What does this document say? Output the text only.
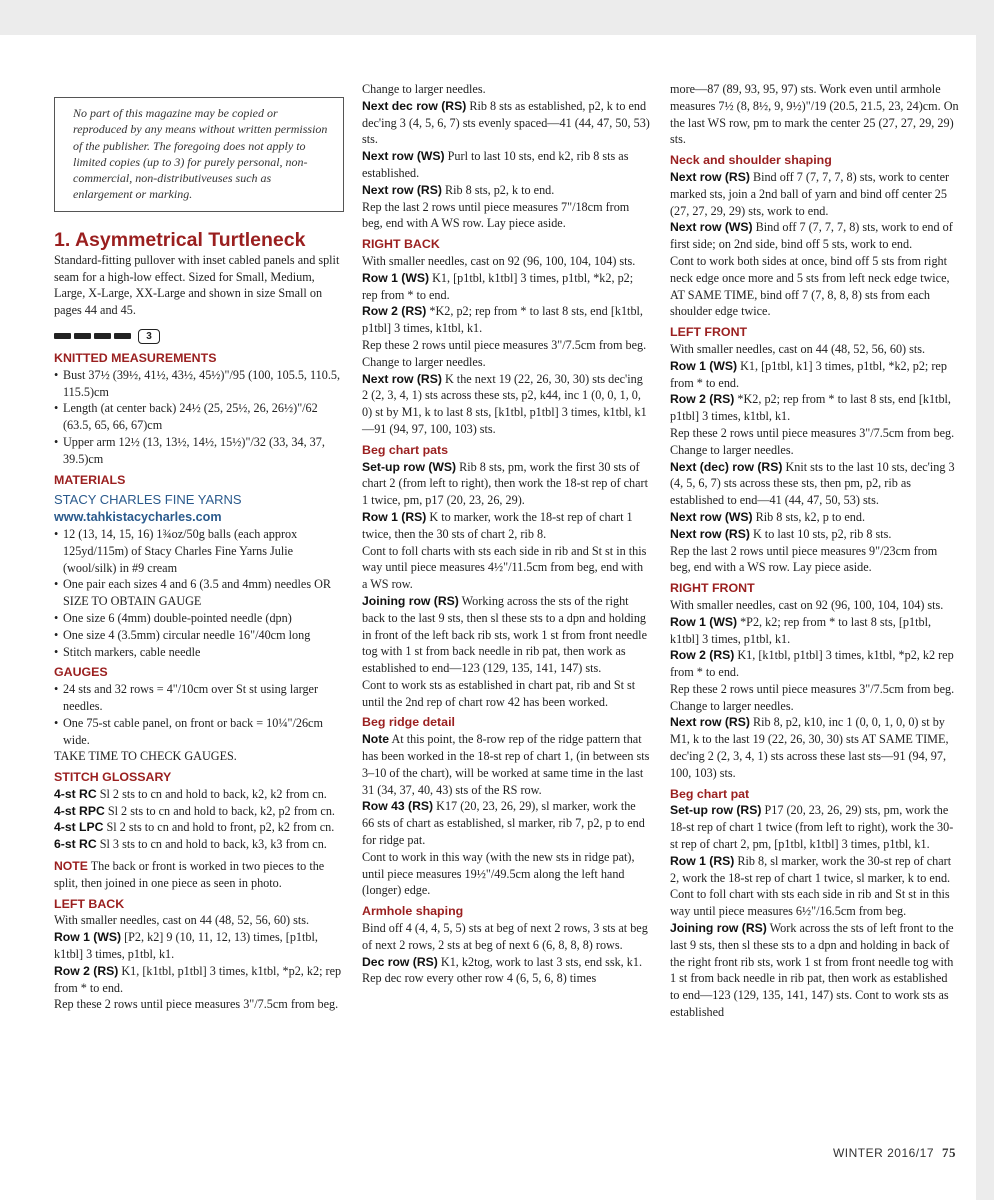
No part of this magazine may be copied or reproduced by any means without written permission of the publisher. The foregoing does not apply to limited copies (up to 3) for purely personal, non-commercial, non-distributiveuses such as enlargement or marking.
1. Asymmetrical Turtleneck

Standard-fitting pullover with inset cabled panels and split seam for a high-low effect. Sized for Small, Medium, Large, X-Large, XX-Large and shown in size Small on pages 44 and 45.

3
KNITTED MEASUREMENTS
• Bust 37½ (39½, 41½, 43½, 45½)"/95 (100, 105.5, 110.5, 115.5)cm
• Length (at center back) 24½ (25, 25½, 26, 26½)"/62 (63.5, 65, 66, 67)cm
• Upper arm 12½ (13, 13½, 14½, 15½)"/32 (33, 34, 37, 39.5)cm
MATERIALS
STACY CHARLES FINE YARNS
www.tahkistacycharles.com
• 12 (13, 14, 15, 16) 1¾oz/50g balls (each approx 125yd/115m) of Stacy Charles Fine Yarns Julie (wool/silk) in #9 cream
• One pair each sizes 4 and 6 (3.5 and 4mm) needles OR SIZE TO OBTAIN GAUGE
• One size 6 (4mm) double-pointed needle (dpn)
• One size 4 (3.5mm) circular needle 16"/40cm long
• Stitch markers, cable needle
GAUGES
• 24 sts and 32 rows = 4"/10cm over St st using larger needles.
• One 75-st cable panel, on front or back = 10¼"/26cm wide.

TAKE TIME TO CHECK GAUGES.

STITCH GLOSSARY

4-st RC Sl 2 sts to cn and hold to back, k2, k2 from cn.

4-st RPC Sl 2 sts to cn and hold to back, k2, p2 from cn.

4-st LPC Sl 2 sts to cn and hold to front, p2, k2 from cn.

6-st RC Sl 3 sts to cn and hold to back, k3, k3 from cn.

NOTE The back or front is worked in two pieces to the split, then joined in one piece as seen in photo.

LEFT BACK

With smaller needles, cast on 44 (48, 52, 56, 60) sts.

Row 1 (WS) [P2, k2] 9 (10, 11, 12, 13) times, [p1tbl, k1tbl] 3 times, p1tbl, k1.

Row 2 (RS) K1, [k1tbl, p1tbl] 3 times, k1tbl, *p2, k2; rep from * to end.

Rep these 2 rows until piece measures 3"/7.5cm from beg.

Change to larger needles.

Next dec row (RS) Rib 8 sts as established, p2, k to end dec'ing 3 (4, 5, 6, 7) sts evenly spaced—41 (44, 47, 50, 53) sts.

Next row (WS) Purl to last 10 sts, end k2, rib 8 sts as established.

Next row (RS) Rib 8 sts, p2, k to end.

Rep the last 2 rows until piece measures 7"/18cm from beg, end with A WS row. Lay piece aside.

RIGHT BACK

With smaller needles, cast on 92 (96, 100, 104, 104) sts.

Row 1 (WS) K1, [p1tbl, k1tbl] 3 times, p1tbl, *k2, p2; rep from * to end.

Row 2 (RS) *K2, p2; rep from * to last 8 sts, end [k1tbl, p1tbl] 3 times, k1tbl, k1.

Rep these 2 rows until piece measures 3"/7.5cm from beg.

Change to larger needles.

Next row (RS) K the next 19 (22, 26, 30, 30) sts dec'ing 2 (2, 3, 4, 1) sts across these sts, p2, k44, inc 1 (0, 0, 1, 0, 0) st by M1, k to last 8 sts, [k1tbl, p1tbl] 3 times, k1tbl, k1—91 (94, 97, 100, 103) sts.

Beg chart pats

Set-up row (WS) Rib 8 sts, pm, work the first 30 sts of chart 2 (from left to right), then work the 18-st rep of chart 1 twice, pm, p17 (20, 23, 26, 29).

Row 1 (RS) K to marker, work the 18-st rep of chart 1 twice, then the 30 sts of chart 2, rib 8.

Cont to foll charts with sts each side in rib and St st in this way until piece measures 4½"/11.5cm from beg, end with a WS row.

Joining row (RS) Working across the sts of the right back to the last 9 sts, then sl these sts to a dpn and holding in front of the left back rib sts, work 1 st from front needle tog with 1 st from back needle in rib pat, then work as established to end—123 (129, 135, 141, 147) sts.

Cont to work sts as established in chart pat, rib and St st until the 2nd rep of chart row 42 has been worked.

Beg ridge detail

Note At this point, the 8-row rep of the ridge pattern that has been worked in the 18-st rep of chart 1, (in between sts 3–10 of the chart), will be worked at same time in the last 31 (34, 37, 40, 43) sts of the RS row.

Row 43 (RS) K17 (20, 23, 26, 29), sl marker, work the 66 sts of chart as established, sl marker, rib 7, p2, p to end for ridge pat.

Cont to work in this way (with the new sts in ridge pat), until piece measures 19½"/49.5cm along the left hand (longer) edge.

Armhole shaping

Bind off 4 (4, 4, 5, 5) sts at beg of next 2 rows, 3 sts at beg of next 2 rows, 2 sts at beg of next 6 (6, 8, 8, 8) rows.

Dec row (RS) K1, k2tog, work to last 3 sts, end ssk, k1.

Rep dec row every other row 4 (6, 5, 6, 8) times

more—87 (89, 93, 95, 97) sts. Work even until armhole measures 7½ (8, 8½, 9, 9½)"/19 (20.5, 21.5, 23, 24)cm. On the last WS row, pm to mark the center 25 (27, 27, 29, 29) sts.

Neck and shoulder shaping

Next row (RS) Bind off 7 (7, 7, 7, 8) sts, work to center marked sts, join a 2nd ball of yarn and bind off center 25 (27, 27, 29, 29) sts, work to end.

Next row (WS) Bind off 7 (7, 7, 7, 8) sts, work to end of first side; on 2nd side, bind off 5 sts, work to end.

Cont to work both sides at once, bind off 5 sts from right neck edge once more and 5 sts from left neck edge twice, AT SAME TIME, bind off 7 (7, 8, 8, 8) sts from each shoulder edge twice.

LEFT FRONT

With smaller needles, cast on 44 (48, 52, 56, 60) sts.

Row 1 (WS) K1, [p1tbl, k1] 3 times, p1tbl, *k2, p2; rep from * to end.

Row 2 (RS) *K2, p2; rep from * to last 8 sts, end [k1tbl, p1tbl] 3 times, k1tbl, k1.

Rep these 2 rows until piece measures 3"/7.5cm from beg. Change to larger needles.

Next (dec) row (RS) Knit sts to the last 10 sts, dec'ing 3 (4, 5, 6, 7) sts across these sts, then pm, p2, rib as established to end—41 (44, 47, 50, 53) sts.

Next row (WS) Rib 8 sts, k2, p to end.

Next row (RS) K to last 10 sts, p2, rib 8 sts.

Rep the last 2 rows until piece measures 9"/23cm from beg, end with a WS row. Lay piece aside.

RIGHT FRONT

With smaller needles, cast on 92 (96, 100, 104, 104) sts.

Row 1 (WS) *P2, k2; rep from * to last 8 sts, [p1tbl, k1tbl] 3 times, p1tbl, k1.

Row 2 (RS) K1, [k1tbl, p1tbl] 3 times, k1tbl, *p2, k2 rep from * to end.

Rep these 2 rows until piece measures 3"/7.5cm from beg. Change to larger needles.

Next row (RS) Rib 8, p2, k10, inc 1 (0, 0, 1, 0, 0) st by M1, k to the last 19 (22, 26, 30, 30) sts AT SAME TIME, dec'ing 2 (2, 3, 4, 1) sts across these last sts—91 (94, 97, 100, 103) sts.

Beg chart pat

Set-up row (RS) P17 (20, 23, 26, 29) sts, pm, work the 18-st rep of chart 1 twice (from left to right), work the 30-st rep of chart 2, pm, [p1tbl, k1tbl] 3 times, p1tbl, k1.

Row 1 (RS) Rib 8, sl marker, work the 30-st rep of chart 2, work the 18-st rep of chart 1 twice, sl marker, k to end.

Cont to foll chart with sts each side in rib and St st in this way until piece measures 6½"/16.5cm from beg.

Joining row (RS) Work across the sts of left front to the last 9 sts, then sl these sts to a dpn and holding in back of the right front rib sts, work 1 st from front needle tog with 1 st from back needle in rib pat, then work as established to end—123 (129, 135, 141, 147) sts. Cont to work sts as established

WINTER 2016/17 75
